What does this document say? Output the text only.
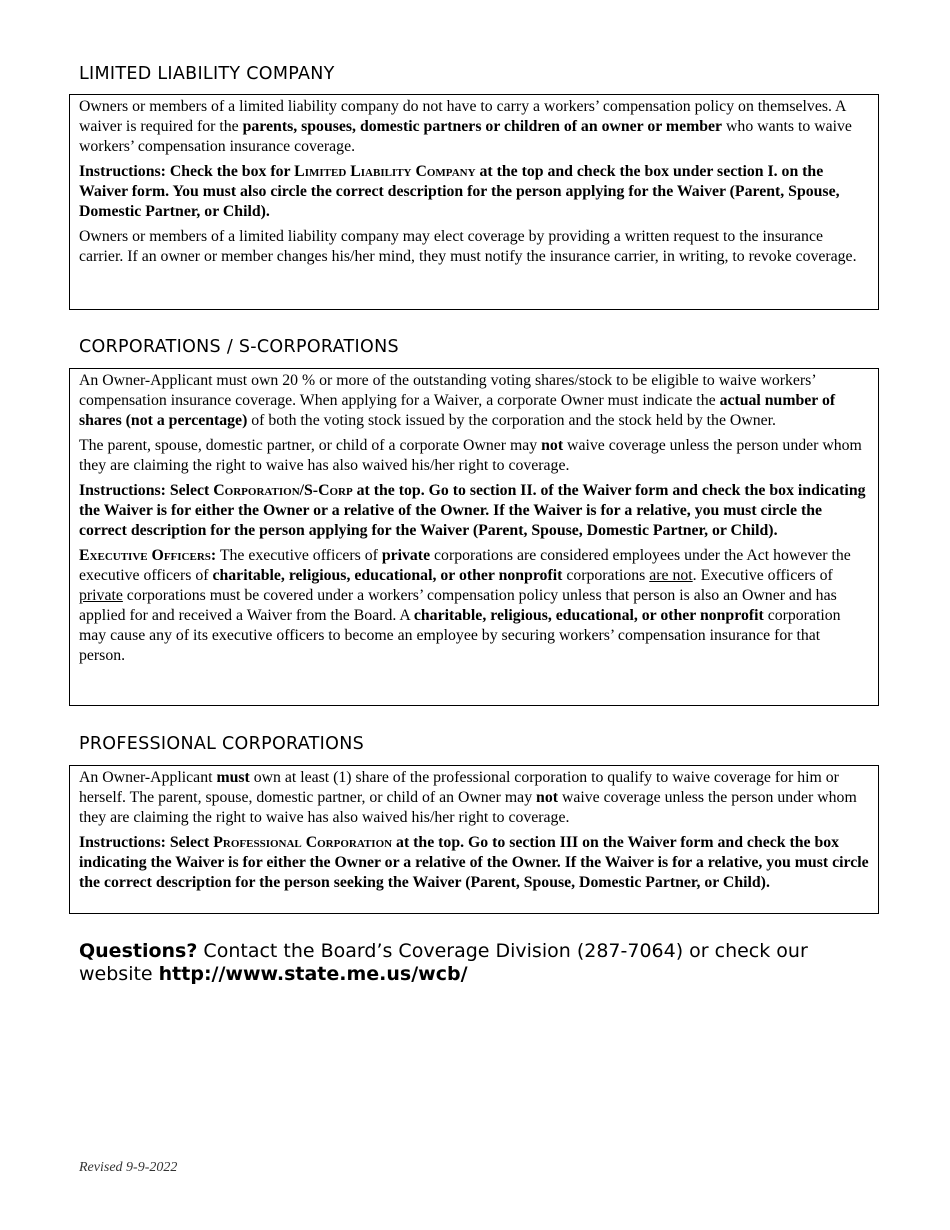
LIMITED LIABILITY COMPANY

Owners or members of a limited liability company do not have to carry a workers’ compensation policy on themselves. A waiver is required for the parents, spouses, domestic partners or children of an owner or member who wants to waive workers’ compensation insurance coverage.

Instructions: Check the box for Limited Liability Company at the top and check the box under section I. on the Waiver form. You must also circle the correct description for the person applying for the Waiver (Parent, Spouse, Domestic Partner, or Child).

Owners or members of a limited liability company may elect coverage by providing a written request to the insurance carrier. If an owner or member changes his/her mind, they must notify the insurance carrier, in writing, to revoke coverage.

CORPORATIONS / S-CORPORATIONS

An Owner-Applicant must own 20 % or more of the outstanding voting shares/stock to be eligible to waive workers’ compensation insurance coverage. When applying for a Waiver, a corporate Owner must indicate the actual number of shares (not a percentage) of both the voting stock issued by the corporation and the stock held by the Owner.

The parent, spouse, domestic partner, or child of a corporate Owner may not waive coverage unless the person under whom they are claiming the right to waive has also waived his/her right to coverage.

Instructions: Select Corporation/S-Corp at the top. Go to section II. of the Waiver form and check the box indicating the Waiver is for either the Owner or a relative of the Owner. If the Waiver is for a relative, you must circle the correct description for the person applying for the Waiver (Parent, Spouse, Domestic Partner, or Child).

Executive Officers: The executive officers of private corporations are considered employees under the Act however the executive officers of charitable, religious, educational, or other nonprofit corporations are not. Executive officers of private corporations must be covered under a workers’ compensation policy unless that person is also an Owner and has applied for and received a Waiver from the Board. A charitable, religious, educational, or other nonprofit corporation may cause any of its executive officers to become an employee by securing workers’ compensation insurance for that person.

PROFESSIONAL CORPORATIONS

An Owner-Applicant must own at least (1) share of the professional corporation to qualify to waive coverage for him or herself. The parent, spouse, domestic partner, or child of an Owner may not waive coverage unless the person under whom they are claiming the right to waive has also waived his/her right to coverage.

Instructions: Select Professional Corporation at the top. Go to section III on the Waiver form and check the box indicating the Waiver is for either the Owner or a relative of the Owner. If the Waiver is for a relative, you must circle the correct description for the person seeking the Waiver (Parent, Spouse, Domestic Partner, or Child).

Questions? Contact the Board’s Coverage Division (287-7064) or check our website http://www.state.me.us/wcb/
Revised 9-9-2022
